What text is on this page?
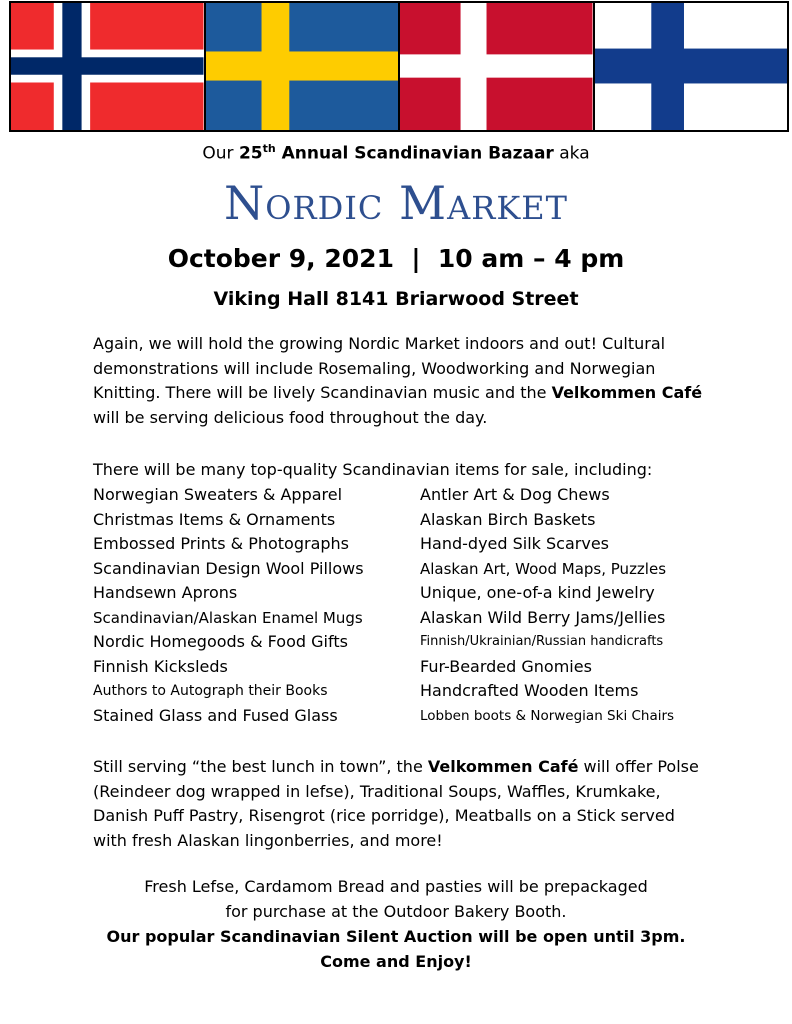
Our 25th Annual Scandinavian Bazaar aka
Nordic Market
October 9, 2021  |  10 am – 4 pm
Viking Hall 8141 Briarwood Street
Again, we will hold the growing Nordic Market indoors and out! Cultural demonstrations will include Rosemaling, Woodworking and Norwegian Knitting. There will be lively Scandinavian music and the Velkommen Café will be serving delicious food throughout the day.
There will be many top-quality Scandinavian items for sale, including:
Norwegian Sweaters & Apparel
Christmas Items & Ornaments
Embossed Prints & Photographs
Scandinavian Design Wool Pillows
Handsewn Aprons
Scandinavian/Alaskan Enamel Mugs
Nordic Homegoods & Food Gifts
Finnish Kicksleds
Authors to Autograph their Books
Stained Glass and Fused Glass
Antler Art & Dog Chews
Alaskan Birch Baskets
Hand-dyed Silk Scarves
Alaskan Art, Wood Maps, Puzzles
Unique, one-of-a kind Jewelry
Alaskan Wild Berry Jams/Jellies
Finnish/Ukrainian/Russian handicrafts
Fur-Bearded Gnomies
Handcrafted Wooden Items
Lobben boots & Norwegian Ski Chairs
Still serving “the best lunch in town”, the Velkommen Café will offer Polse (Reindeer dog wrapped in lefse), Traditional Soups, Waffles, Krumkake, Danish Puff Pastry, Risengrot (rice porridge), Meatballs on a Stick served with fresh Alaskan lingonberries, and more!
Fresh Lefse, Cardamom Bread and pasties will be prepackaged
for purchase at the Outdoor Bakery Booth.
Our popular Scandinavian Silent Auction will be open until 3pm.
Come and Enjoy!
